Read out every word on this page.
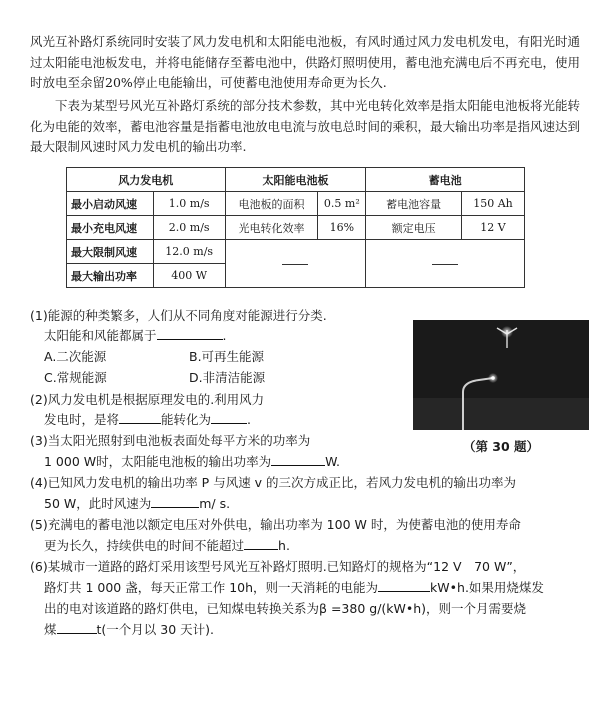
风光互补路灯系统同时安装了风力发电机和太阳能电池板，有风时通过风力发电机发电，有阳光时通过太阳能电池板发电，并将电能储存至蓄电池中，供路灯照明使用，蓄电池充满电后不再充电，使用时放电至余留20%停止电能输出，可使蓄电池使用寿命更为长久.

下表为某型号风光互补路灯系统的部分技术参数，其中光电转化效率是指太阳能电池板将光能转化为电能的效率，蓄电池容量是指蓄电池放电电流与放电总时间的乘积，最大输出功率是指风速达到最大限制风速时风力发电机的输出功率.

风力发电机		太阳能电池板		蓄电池	
最小启动风速	1.0 m/s	电池板的面积	0.5 m²	蓄电池容量	150 Ah
最小充电风速	2.0 m/s	光电转化效率	16%	额定电压	12 V
最大限制风速	12.0 m/s				
最大输出功率	400 W				

(1)能源的种类繁多，人们从不同角度对能源进行分类.

太阳能和风能都属于	.

A.二次能源	B.可再生能源
C.常规能源	D.非清洁能源

(2)风力发电机是根据原理发电的.利用风力

发电时，是将	能转化为	.

(3)当太阳光照射到电池板表面处每平方米的功率为

1 000 W时，太阳能电池板的输出功率为	W.

(4)已知风力发电机的输出功率 P 与风速 v 的三次方成正比，若风力发电机的输出功率为

50 W，此时风速为	m/ s.

(5)充满电的蓄电池以额定电压对外供电，输出功率为 100 W 时，为使蓄电池的使用寿命

更为长久，持续供电的时间不能超过	h.

(6)某城市一道路的路灯采用该型号风光互补路灯照明.已知路灯的规格为“12 V　70 W”，

路灯共 1 000 盏，每天正常工作 10h，则一天消耗的电能为	kW•h.如果用烧煤发

出的电对该道路的路灯供电，已知煤电转换关系为β =380 g/(kW•h)，则一个月需要烧

煤	t(一个月以 30 天计).

（第 30 题）
